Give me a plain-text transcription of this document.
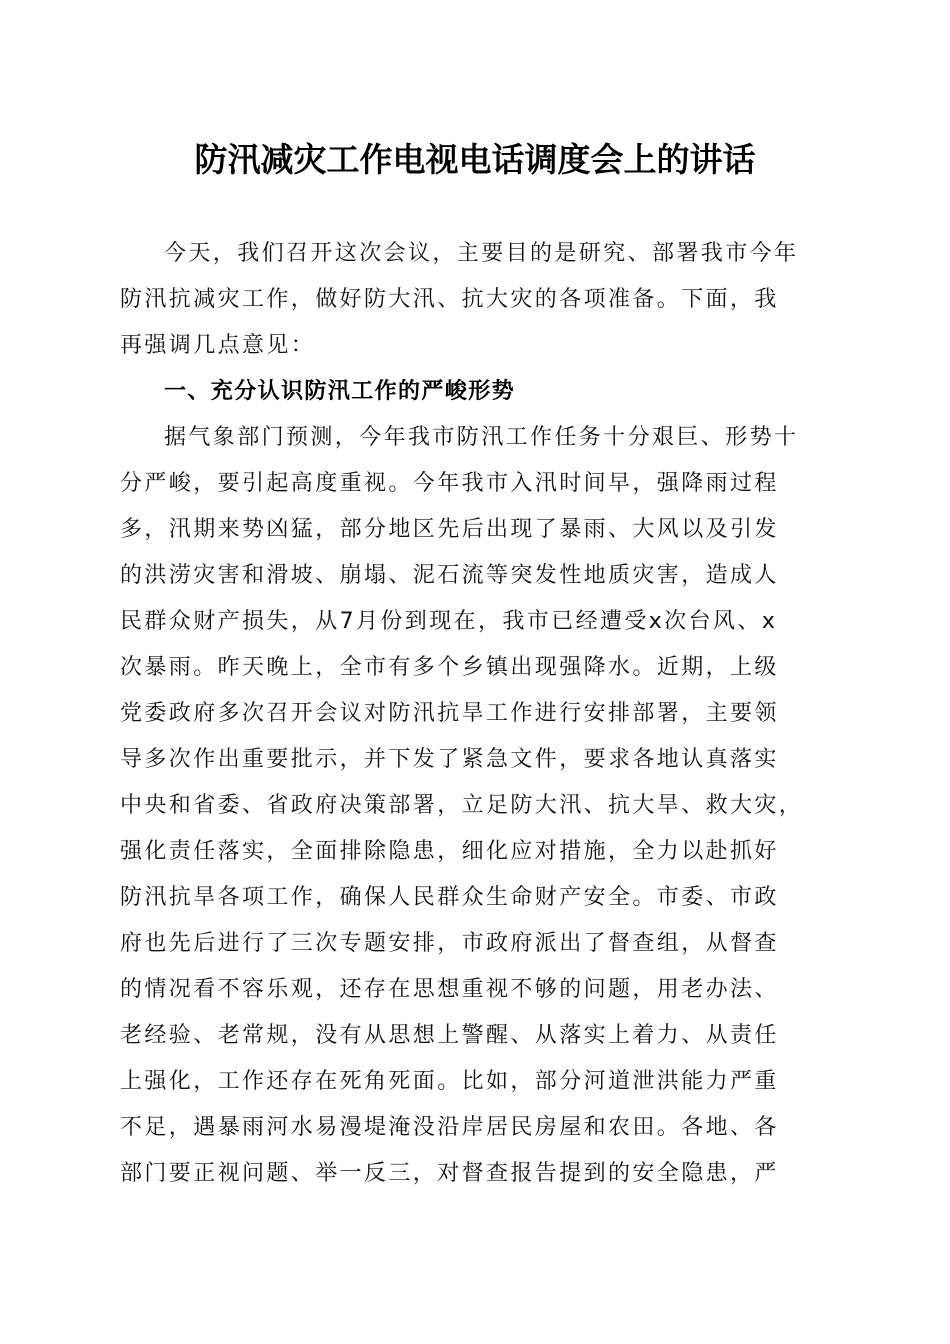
防汛减灾工作电视电话调度会上的讲话
今天，我们召开这次会议，主要目的是研究、部署我市今年
防汛抗减灾工作，做好防大汛、抗大灾的各项准备。下面，我
再强调几点意见：
一、充分认识防汛工作的严峻形势
据气象部门预测，今年我市防汛工作任务十分艰巨、形势十
分严峻，要引起高度重视。今年我市入汛时间早，强降雨过程
多，汛期来势凶猛，部分地区先后出现了暴雨、大风以及引发
的洪涝灾害和滑坡、崩塌、泥石流等突发性地质灾害，造成人
民群众财产损失，从7月份到现在，我市已经遭受x次台风、x
次暴雨。昨天晚上，全市有多个乡镇出现强降水。近期，上级
党委政府多次召开会议对防汛抗旱工作进行安排部署，主要领
导多次作出重要批示，并下发了紧急文件，要求各地认真落实
中央和省委、省政府决策部署，立足防大汛、抗大旱、救大灾，
强化责任落实，全面排除隐患，细化应对措施，全力以赴抓好
防汛抗旱各项工作，确保人民群众生命财产安全。市委、市政
府也先后进行了三次专题安排，市政府派出了督查组，从督查
的情况看不容乐观，还存在思想重视不够的问题，用老办法、
老经验、老常规，没有从思想上警醒、从落实上着力、从责任
上强化，工作还存在死角死面。比如，部分河道泄洪能力严重
不足，遇暴雨河水易漫堤淹没沿岸居民房屋和农田。各地、各
部门要正视问题、举一反三，对督查报告提到的安全隐患，严
